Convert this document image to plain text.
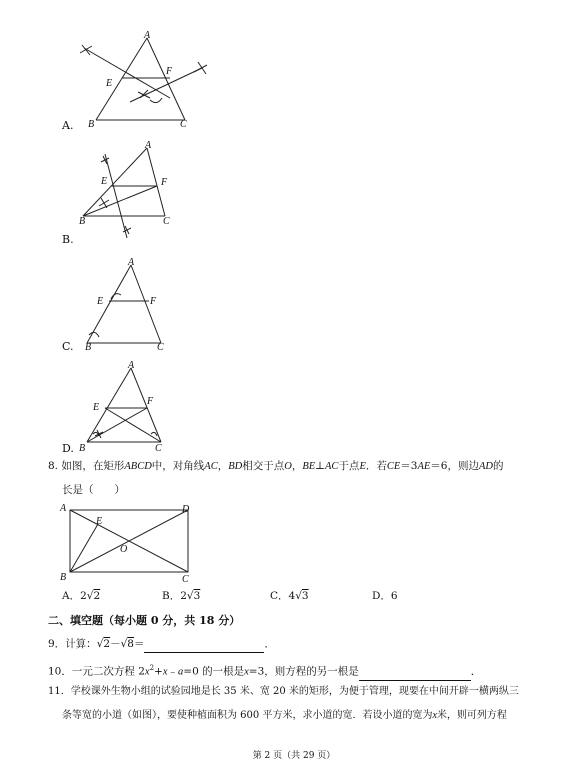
A
E
F
B	C
A.
A
E	F
B	C
B.
A
E	F
B	C
C.
A
E
F
B	C
D.
8. 如图，在矩形ABCD中，对角线AC，BD相交于点O，BE⊥AC于点E．若CE＝3AE＝6，则边AD的
长是（　　）
A	D
E
O
B	C
A．2√2	B．2√3	C．4√3	D．6
二、填空题（每小题 0 分，共 18 分）
9．计算：√2－√8＝	．
10．一元二次方程 $2x^2+x﹣a=0$ 的一根是x=3，则方程的另一根是	．
11．学校课外生物小组的试验园地是长 35 米、宽 20 米的矩形，为便于管理，现要在中间开辟一横两纵三
条等宽的小道（如图），要使种植面积为 600 平方米，求小道的宽．若设小道的宽为x米，则可列方程
第 2 页（共 29 页）
